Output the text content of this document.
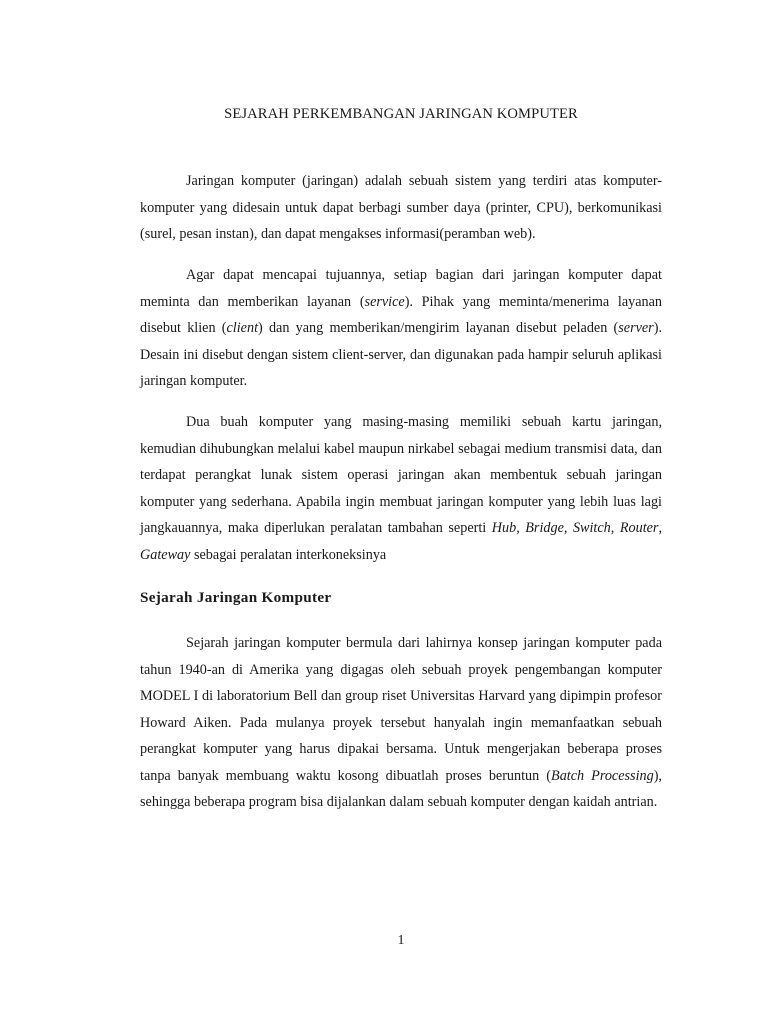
SEJARAH PERKEMBANGAN JARINGAN KOMPUTER

Jaringan komputer (jaringan) adalah sebuah sistem yang terdiri atas komputer-komputer yang didesain untuk dapat berbagi sumber daya (printer, CPU), berkomunikasi (surel, pesan instan), dan dapat mengakses informasi(peramban web).

Agar dapat mencapai tujuannya, setiap bagian dari jaringan komputer dapat meminta dan memberikan layanan (service). Pihak yang meminta/menerima layanan disebut klien (client) dan yang memberikan/mengirim layanan disebut peladen (server). Desain ini disebut dengan sistem client-server, dan digunakan pada hampir seluruh aplikasi jaringan komputer.

Dua buah komputer yang masing-masing memiliki sebuah kartu jaringan, kemudian dihubungkan melalui kabel maupun nirkabel sebagai medium transmisi data, dan terdapat perangkat lunak sistem operasi jaringan akan membentuk sebuah jaringan komputer yang sederhana. Apabila ingin membuat jaringan komputer yang lebih luas lagi jangkauannya, maka diperlukan peralatan tambahan seperti Hub, Bridge, Switch, Router, Gateway sebagai peralatan interkoneksinya

Sejarah Jaringan Komputer

Sejarah jaringan komputer bermula dari lahirnya konsep jaringan komputer pada tahun 1940-an di Amerika yang digagas oleh sebuah proyek pengembangan komputer MODEL I di laboratorium Bell dan group riset Universitas Harvard yang dipimpin profesor Howard Aiken. Pada mulanya proyek tersebut hanyalah ingin memanfaatkan sebuah perangkat komputer yang harus dipakai bersama. Untuk mengerjakan beberapa proses tanpa banyak membuang waktu kosong dibuatlah proses beruntun (Batch Processing), sehingga beberapa program bisa dijalankan dalam sebuah komputer dengan kaidah antrian.

1
